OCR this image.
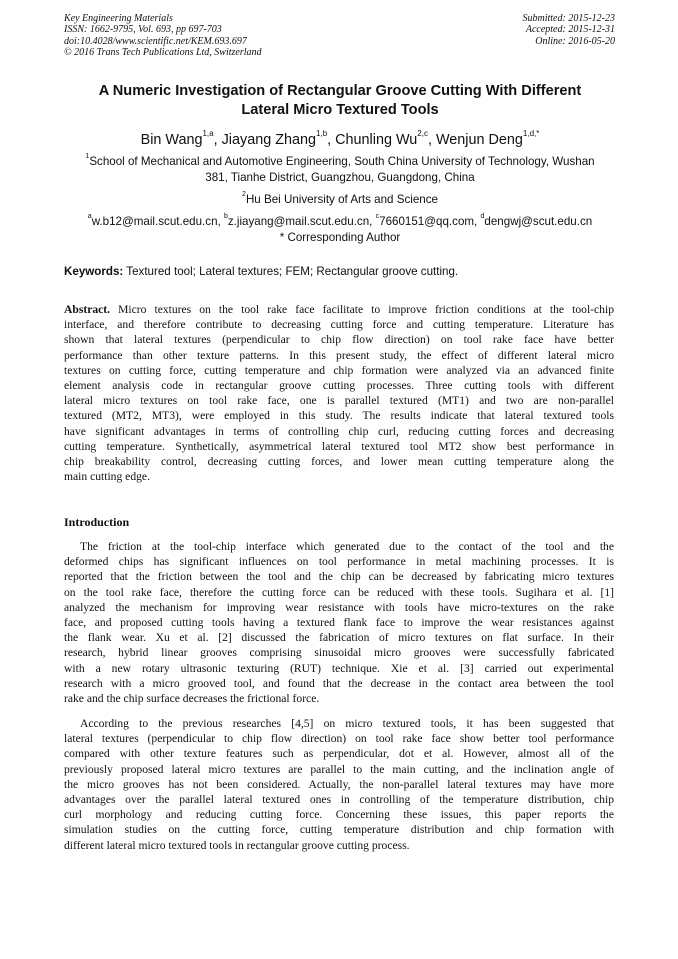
Key Engineering Materials
ISSN: 1662-9795, Vol. 693, pp 697-703
doi:10.4028/www.scientific.net/KEM.693.697
© 2016 Trans Tech Publications Ltd, Switzerland
Submitted: 2015-12-23
Accepted: 2015-12-31
Online: 2016-05-20
A Numeric Investigation of Rectangular Groove Cutting With Different
Lateral Micro Textured Tools
Bin Wang$^{1,a}$, Jiayang Zhang$^{1,b}$, Chunling Wu$^{2,c}$, Wenjun Deng$^{1,d,*}$
$^1$School of Mechanical and Automotive Engineering, South China University of Technology, Wushan
381, Tianhe District, Guangzhou, Guangdong, China
$^2$Hu Bei University of Arts and Science
$^a$w.b12@mail.scut.edu.cn, $^b$z.jiayang@mail.scut.edu.cn, $^c$7660151@qq.com, $^d$dengwj@scut.edu.cn
* Corresponding Author
Keywords: Textured tool; Lateral textures; FEM; Rectangular groove cutting.
Abstract. Micro textures on the tool rake face facilitate to improve friction conditions at the tool-chip
interface, and therefore contribute to decreasing cutting force and cutting temperature. Literature has
shown that lateral textures (perpendicular to chip flow direction) on tool rake face have better
performance than other texture patterns. In this present study, the effect of different lateral micro
textures on cutting force, cutting temperature and chip formation were analyzed via an advanced finite
element analysis code in rectangular groove cutting processes. Three cutting tools with different
lateral micro textures on tool rake face, one is parallel textured (MT1) and two are non-parallel
textured (MT2, MT3), were employed in this study. The results indicate that lateral textured tools
have significant advantages in terms of controlling chip curl, reducing cutting forces and decreasing
cutting temperature. Synthetically, asymmetrical lateral textured tool MT2 show best performance in
chip breakability control, decreasing cutting forces, and lower mean cutting temperature along the
main cutting edge.
Introduction
The friction at the tool-chip interface which generated due to the contact of the tool and the
deformed chips has significant influences on tool performance in metal machining processes. It is
reported that the friction between the tool and the chip can be decreased by fabricating micro textures
on the tool rake face, therefore the cutting force can be reduced with these tools. Sugihara et al. [1]
analyzed the mechanism for improving wear resistance with tools have micro-textures on the rake
face, and proposed cutting tools having a textured flank face to improve the wear resistances against
the flank wear. Xu et al. [2] discussed the fabrication of micro textures on flat surface. In their
research, hybrid linear grooves comprising sinusoidal micro grooves were successfully fabricated
with a new rotary ultrasonic texturing (RUT) technique. Xie et al. [3] carried out experimental
research with a micro grooved tool, and found that the decrease in the contact area between the tool
rake and the chip surface decreases the frictional force.
According to the previous researches [4,5] on micro textured tools, it has been suggested that
lateral textures (perpendicular to chip flow direction) on tool rake face show better tool performance
compared with other texture features such as perpendicular, dot et al. However, almost all of the
previously proposed lateral micro textures are parallel to the main cutting, and the inclination angle of
the micro grooves has not been considered. Actually, the non-parallel lateral textures may have more
advantages over the parallel lateral textured ones in controlling of the temperature distribution, chip
curl morphology and reducing cutting force. Concerning these issues, this paper reports the
simulation studies on the cutting force, cutting temperature distribution and chip formation with
different lateral micro textured tools in rectangular groove cutting process.
